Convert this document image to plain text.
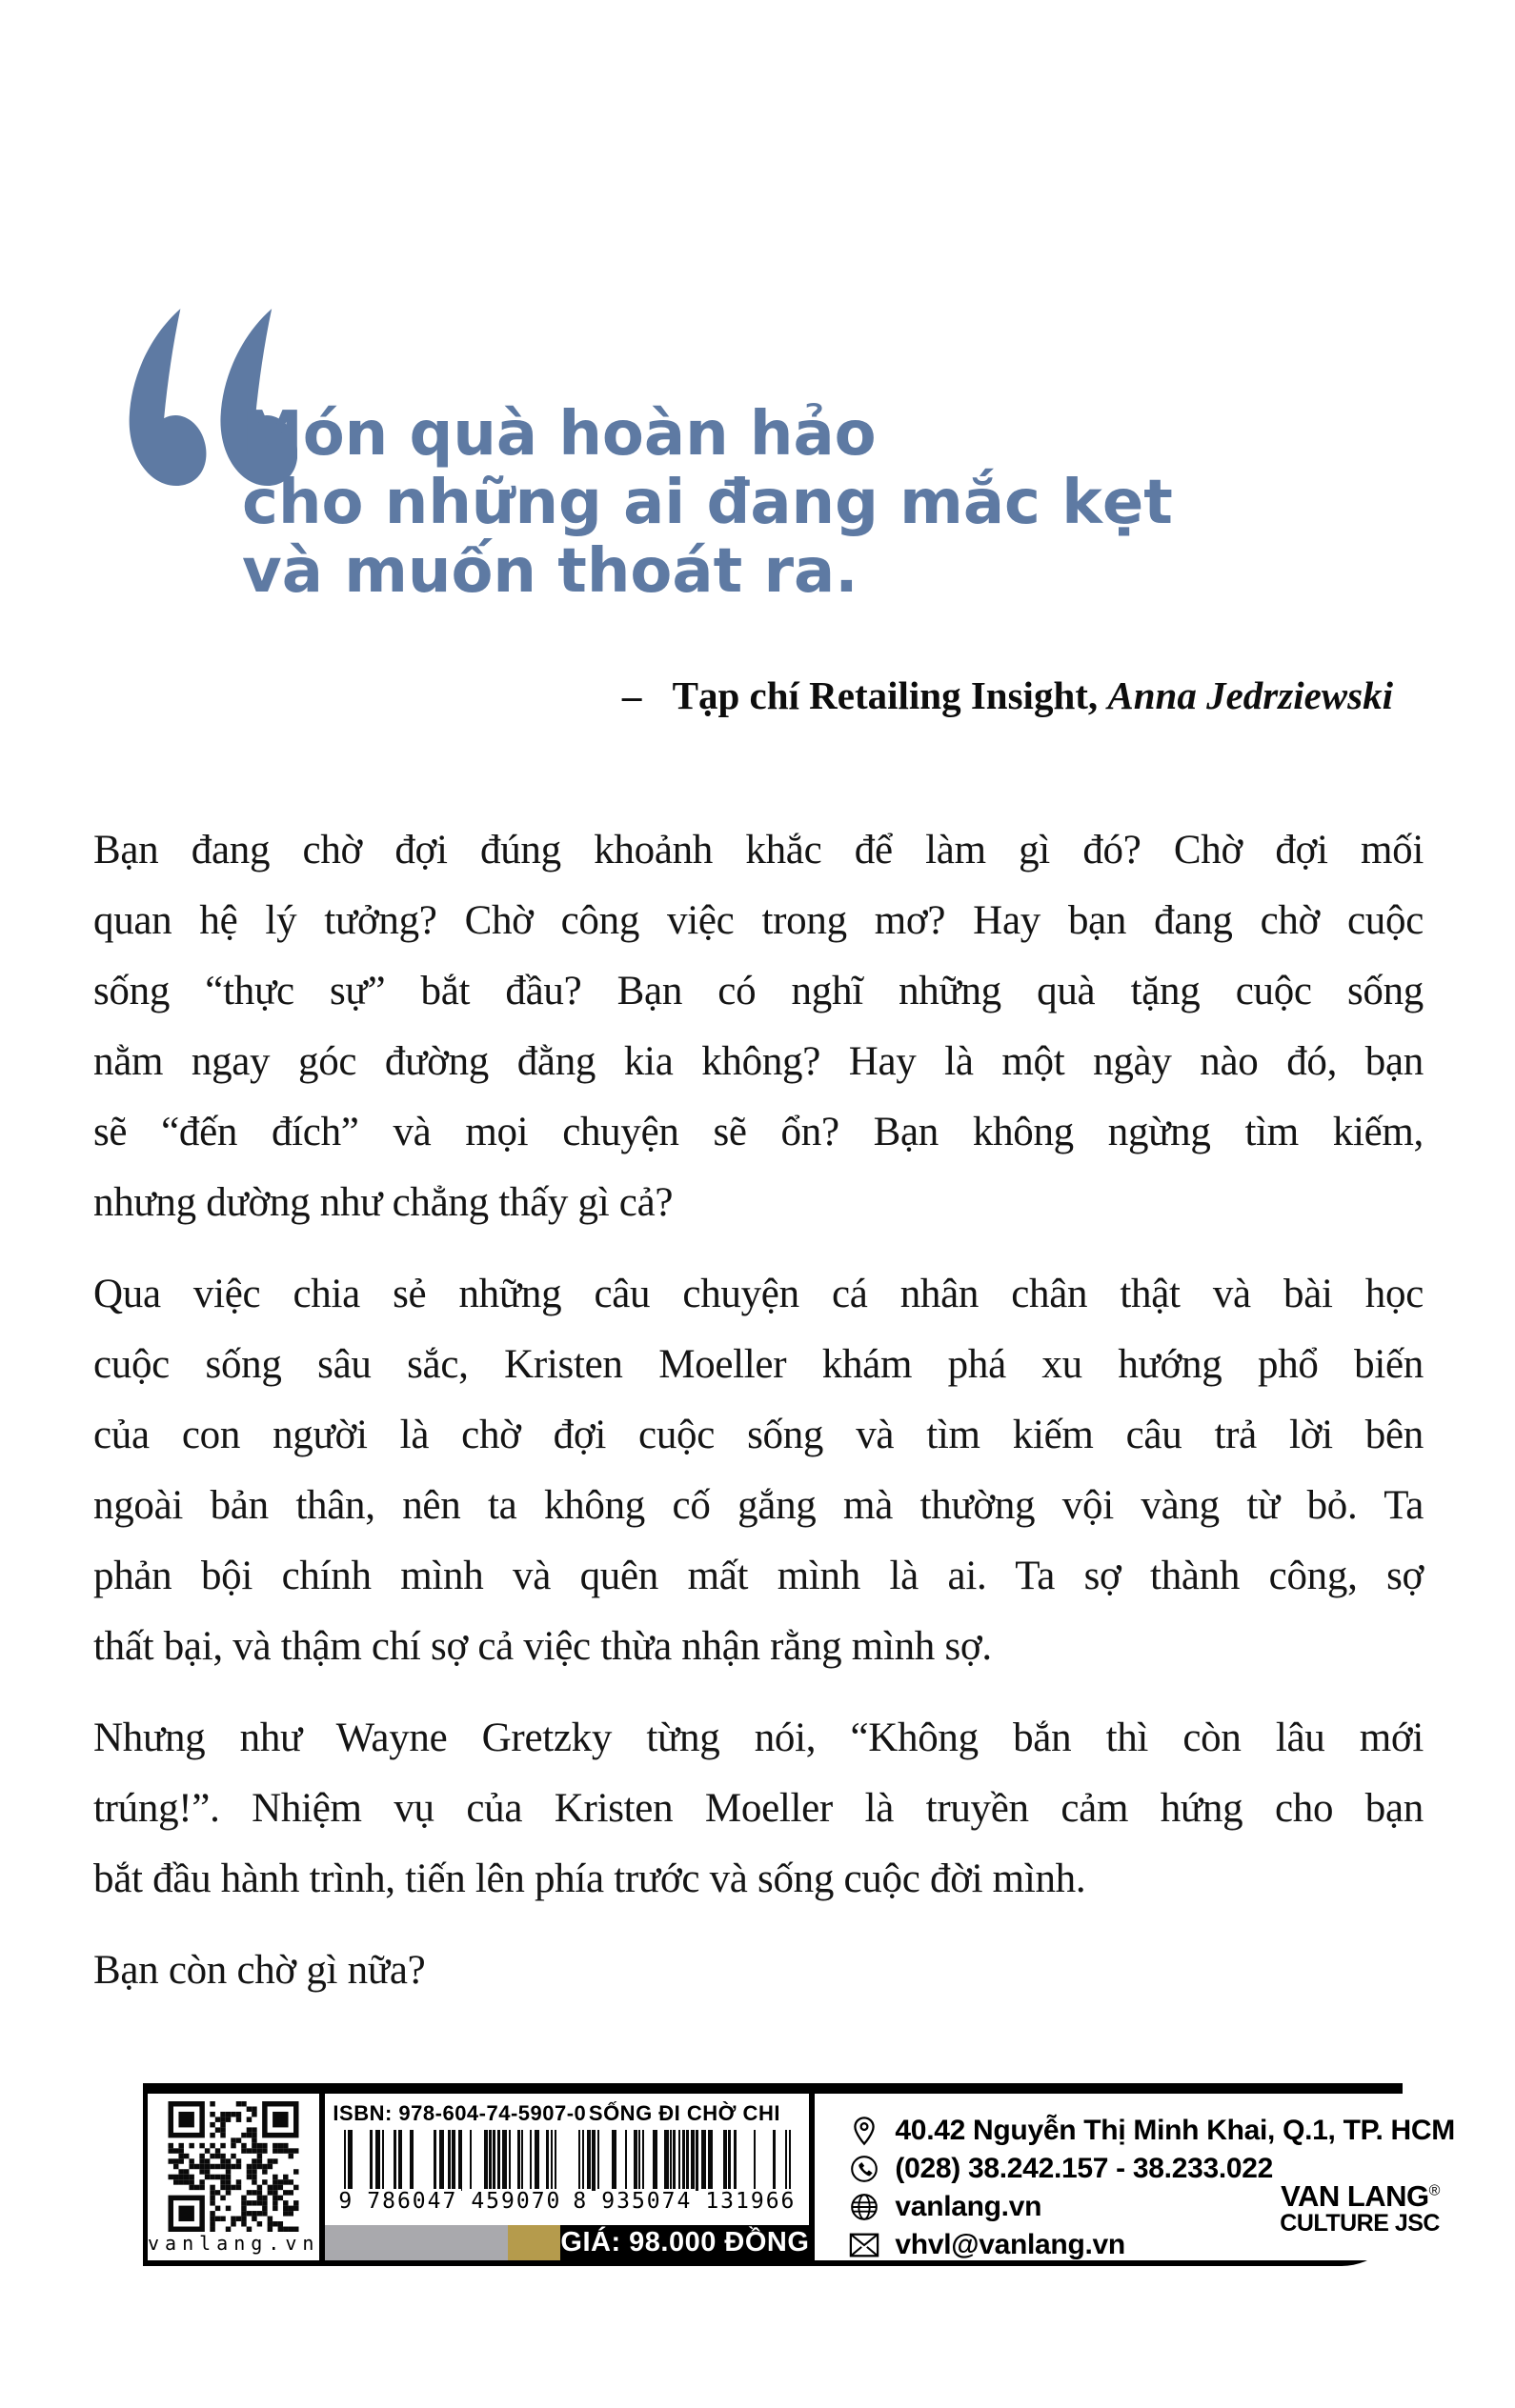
Món quà hoàn hảo
cho những ai đang mắc kẹt
và muốn thoát ra.
– Tạp chí Retailing Insight, Anna Jedrziewski

Bạn đang chờ đợi đúng khoảnh khắc để làm gì đó? Chờ đợi mối
quan hệ lý tưởng? Chờ công việc trong mơ? Hay bạn đang chờ cuộc
sống “thực sự” bắt đầu? Bạn có nghĩ những quà tặng cuộc sống
nằm ngay góc đường đằng kia không? Hay là một ngày nào đó, bạn
sẽ “đến đích” và mọi chuyện sẽ ổn? Bạn không ngừng tìm kiếm,
nhưng dường như chẳng thấy gì cả?

Qua việc chia sẻ những câu chuyện cá nhân chân thật và bài học
cuộc sống sâu sắc, Kristen Moeller khám phá xu hướng phổ biến
của con người là chờ đợi cuộc sống và tìm kiếm câu trả lời bên
ngoài bản thân, nên ta không cố gắng mà thường vội vàng từ bỏ. Ta
phản bội chính mình và quên mất mình là ai. Ta sợ thành công, sợ
thất bại, và thậm chí sợ cả việc thừa nhận rằng mình sợ.

Nhưng như Wayne Gretzky từng nói, “Không bắn thì còn lâu mới
trúng!”. Nhiệm vụ của Kristen Moeller là truyền cảm hứng cho bạn
bắt đầu hành trình, tiến lên phía trước và sống cuộc đời mình.

Bạn còn chờ gì nữa?

vanlang.vn
ISBN: 978-604-74-5907-0
9 786047 459070
SỐNG ĐI CHỜ CHI
8 935074 131966
GIÁ: 98.000 ĐỒNG
40.42 Nguyễn Thị Minh Khai, Q.1, TP. HCM
(028) 38.242.157 - 38.233.022
vanlang.vn
vhvl@vanlang.vn
VAN LANG®
CULTURE JSC
